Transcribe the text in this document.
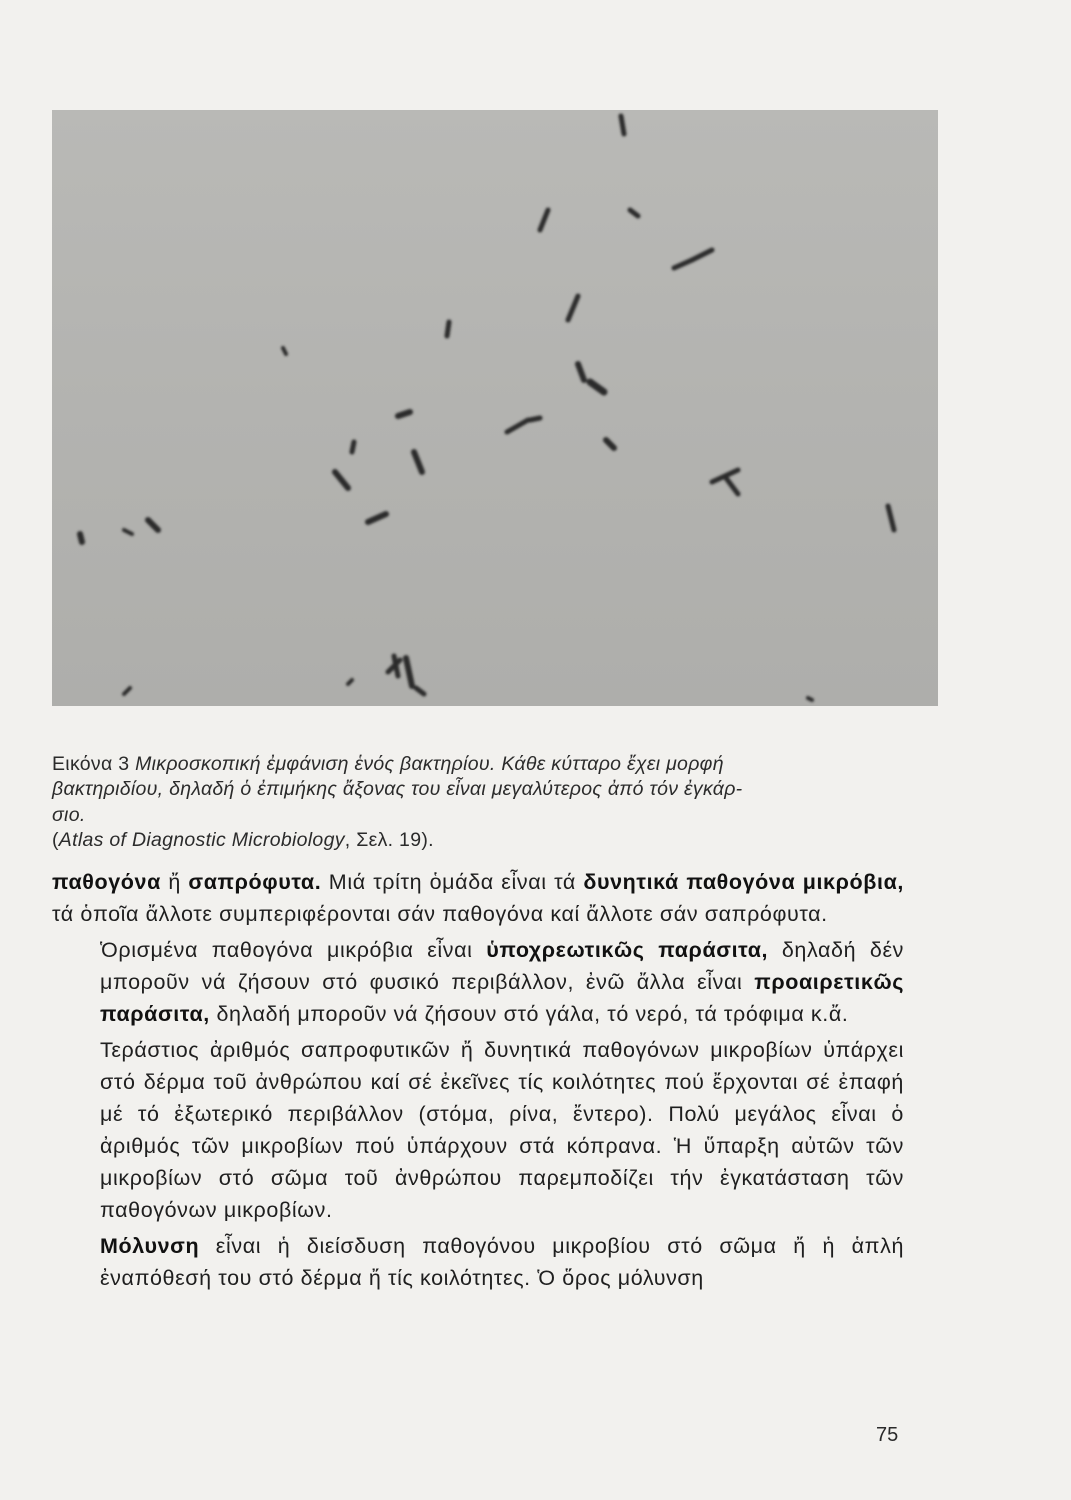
Εικόνα 3 Μικροσκοπική ἐμφάνιση ἑνός βακτηρίου. Κάθε κύτταρο ἔχει μορφή
βακτηριδίου, δηλαδή ὁ ἐπιμήκης ἄξονας του εἶναι μεγαλύτερος ἀπό τόν ἐγκάρ-
σιο.
(Atlas of Diagnostic Microbiology, Σελ. 19).

παθογόνα ἤ σαπρόφυτα. Μιά τρίτη ὁμάδα εἶναι τά δυνητικά παθογόνα μικρόβια, τά ὁποῖα ἄλλοτε συμπεριφέρονται σάν παθογόνα καί ἄλλοτε σάν σαπρόφυτα.

Ὁρισμένα παθογόνα μικρόβια εἶναι ὑποχρεωτικῶς παράσιτα, δηλαδή δέν μποροῦν νά ζήσουν στό φυσικό περιβάλλον, ἐνῶ ἄλλα εἶναι προαιρετικῶς παράσιτα, δηλαδή μποροῦν νά ζήσουν στό γάλα, τό νερό, τά τρόφιμα κ.ἄ.

Τεράστιος ἀριθμός σαπροφυτικῶν ἤ δυνητικά παθογόνων μικροβίων ὑπάρχει στό δέρμα τοῦ ἀνθρώπου καί σέ ἐκεῖνες τίς κοιλότητες πού ἔρχονται σέ ἐπαφή μέ τό ἐξωτερικό περιβάλλον (στόμα, ρίνα, ἔντερο). Πολύ μεγάλος εἶναι ὁ ἀριθμός τῶν μικροβίων πού ὑπάρχουν στά κόπρανα. Ἡ ὕπαρξη αὐτῶν τῶν μικροβίων στό σῶμα τοῦ ἀνθρώπου παρεμποδίζει τήν ἐγκατάσταση τῶν παθογόνων μικροβίων.

Μόλυνση εἶναι ἡ διείσδυση παθογόνου μικροβίου στό σῶμα ἤ ἡ ἁπλή ἐναπόθεσή του στό δέρμα ἤ τίς κοιλότητες. Ὁ ὅρος μόλυνση

75
